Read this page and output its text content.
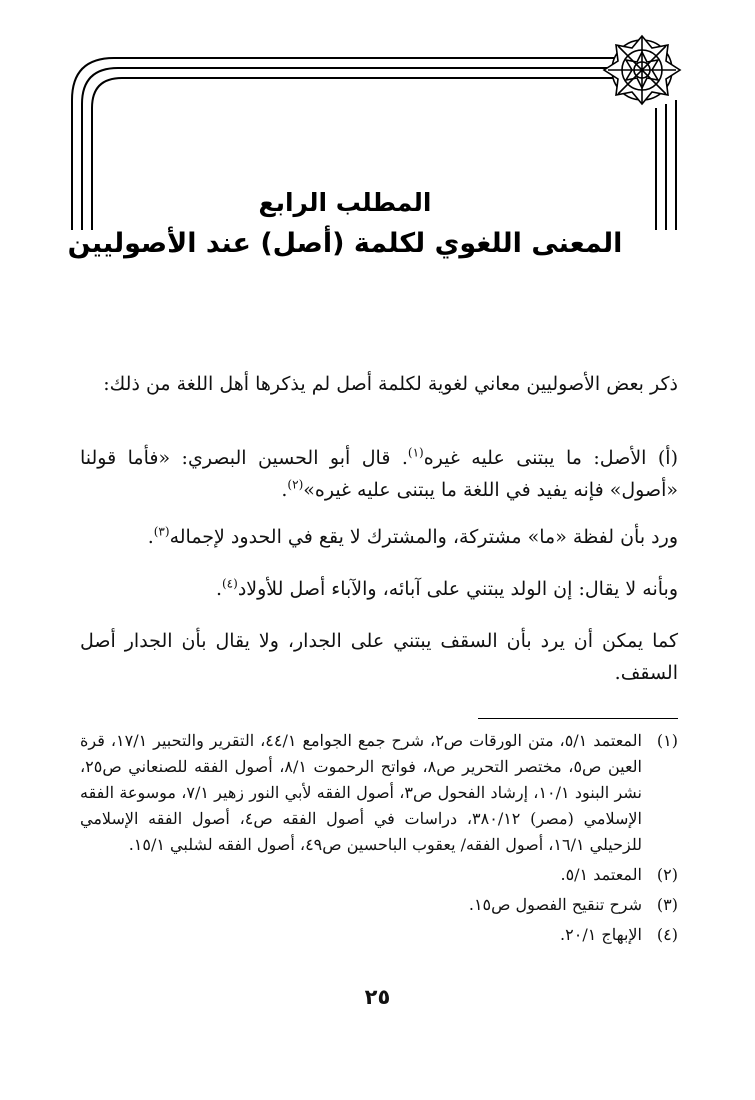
المطلب الرابع
المعنى اللغوي لكلمة (أصل) عند الأصوليين

ذكر بعض الأصوليين معاني لغوية لكلمة أصل لم يذكرها أهل اللغة من ذلك:

(أ) الأصل: ما يبتنى عليه غيره$^{(١)}$. قال أبو الحسين البصري: «فأما قولنا «أصول» فإنه يفيد في اللغة ما يبتنى عليه غيره»$^{(٢)}$.

ورد بأن لفظة «ما» مشتركة، والمشترك لا يقع في الحدود لإجماله$^{(٣)}$.

وبأنه لا يقال: إن الولد يبتني على آبائه، والآباء أصل للأولاد$^{(٤)}$.

كما يمكن أن يرد بأن السقف يبتني على الجدار، ولا يقال بأن الجدار أصل السقف.

(١)
المعتمد ٥/١، متن الورقات ص٢، شرح جمع الجوامع ٤٤/١، التقرير والتحبير ١٧/١، قرة العين ص٥، مختصر التحرير ص٨، فواتح الرحموت ٨/١، أصول الفقه للصنعاني ص٢٥، نشر البنود ١٠/١، إرشاد الفحول ص٣، أصول الفقه لأبي النور زهير ٧/١، موسوعة الفقه الإسلامي (مصر) ٣٨٠/١٢، دراسات في أصول الفقه ص٤، أصول الفقه الإسلامي للزحيلي ١٦/١، أصول الفقه/ يعقوب الباحسين ص٤٩، أصول الفقه لشلبي ١٥/١.
(٢)
المعتمد ٥/١.
(٣)
شرح تنقيح الفصول ص١٥.
(٤)
الإبهاج ٢٠/١.
٢٥
